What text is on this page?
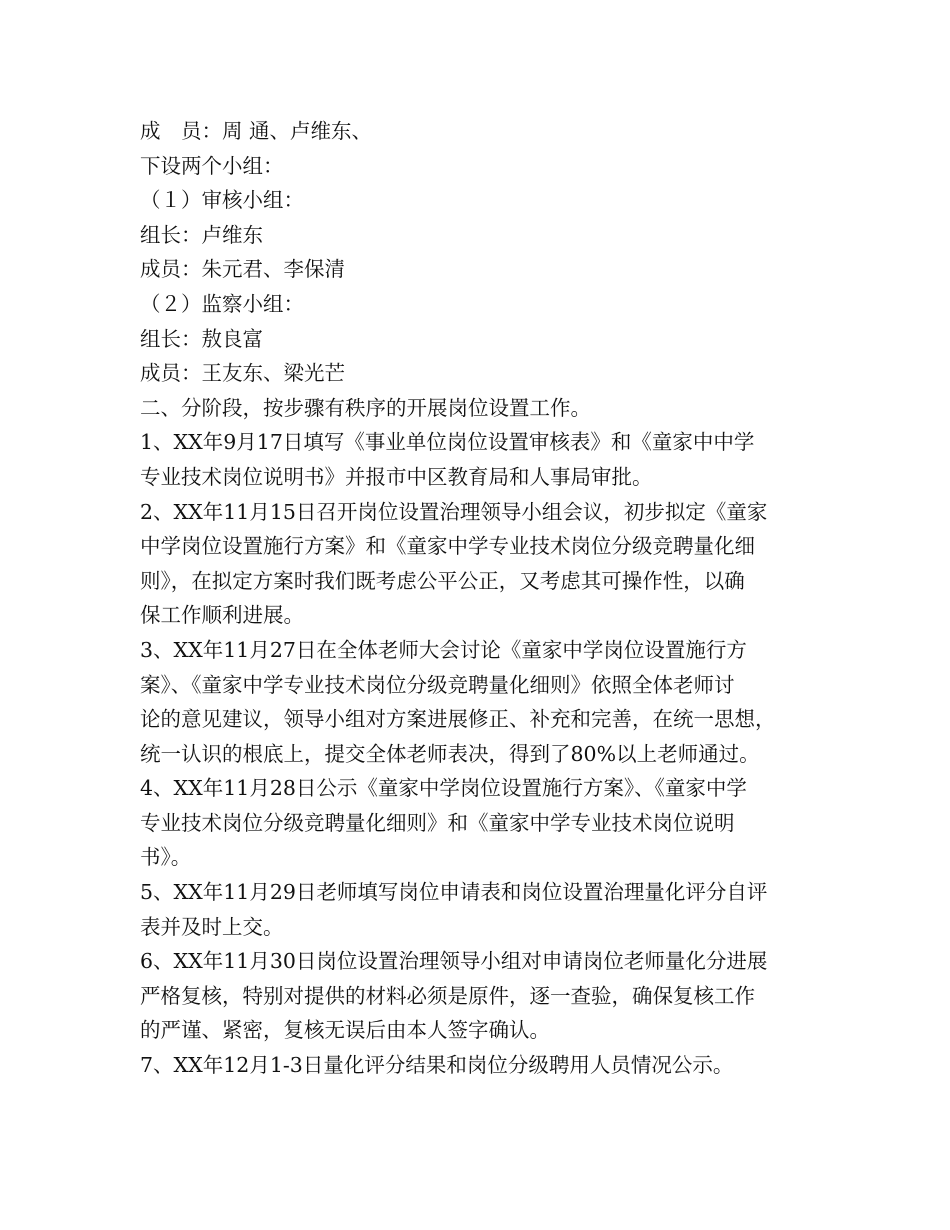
成　员：周 通、卢维东、

下设两个小组：

（１）审核小组：

组长：卢维东

成员：朱元君、李保清

（２）监察小组：

组长：敖良富

成员：王友东、梁光芒

二、分阶段，按步骤有秩序的开展岗位设置工作。

1、XX年9月17日填写《事业单位岗位设置审核表》和《童家中中学

专业技术岗位说明书》并报市中区教育局和人事局审批。

2、XX年11月15日召开岗位设置治理领导小组会议，初步拟定《童家

中学岗位设置施行方案》和《童家中学专业技术岗位分级竞聘量化细

则》，在拟定方案时我们既考虑公平公正，又考虑其可操作性，以确

保工作顺利进展。

3、XX年11月27日在全体老师大会讨论《童家中学岗位设置施行方

案》、《童家中学专业技术岗位分级竞聘量化细则》依照全体老师讨

论的意见建议，领导小组对方案进展修正、补充和完善，在统一思想，

统一认识的根底上，提交全体老师表决，得到了80%以上老师通过。

4、XX年11月28日公示《童家中学岗位设置施行方案》、《童家中学

专业技术岗位分级竞聘量化细则》和《童家中学专业技术岗位说明

书》。

5、XX年11月29日老师填写岗位申请表和岗位设置治理量化评分自评

表并及时上交。

6、XX年11月30日岗位设置治理领导小组对申请岗位老师量化分进展

严格复核，特别对提供的材料必须是原件，逐一查验，确保复核工作

的严谨、紧密，复核无误后由本人签字确认。

7、XX年12月1-3日量化评分结果和岗位分级聘用人员情况公示。
